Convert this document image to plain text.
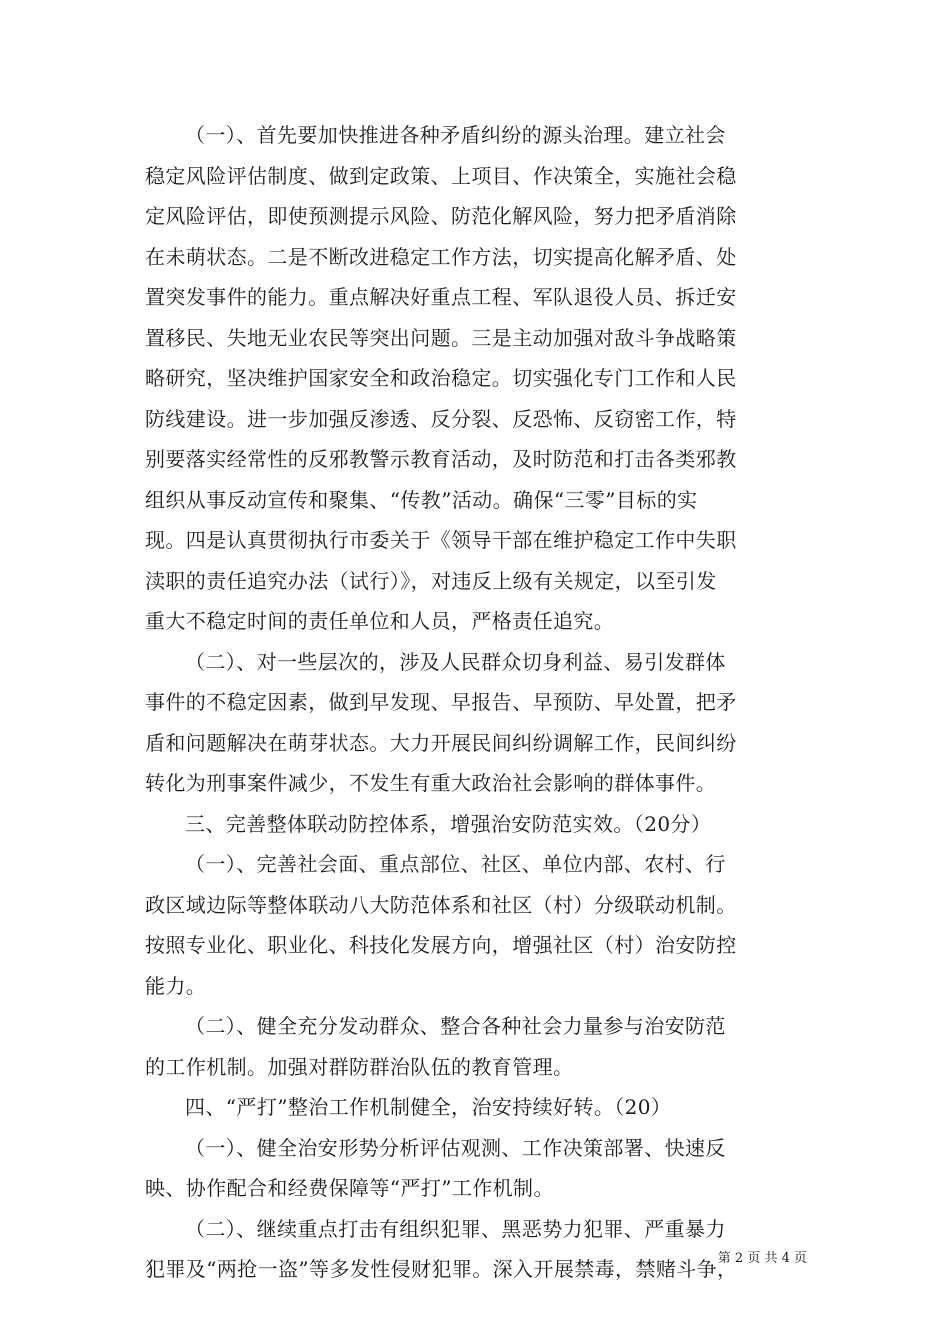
（一）、首先要加快推进各种矛盾纠纷的源头治理。建立社会
稳定风险评估制度、做到定政策、上项目、作决策全，实施社会稳
定风险评估，即使预测提示风险、防范化解风险，努力把矛盾消除
在未萌状态。二是不断改进稳定工作方法，切实提高化解矛盾、处
置突发事件的能力。重点解决好重点工程、军队退役人员、拆迁安
置移民、失地无业农民等突出问题。三是主动加强对敌斗争战略策
略研究，坚决维护国家安全和政治稳定。切实强化专门工作和人民
防线建设。进一步加强反渗透、反分裂、反恐怖、反窃密工作，特
别要落实经常性的反邪教警示教育活动，及时防范和打击各类邪教
组织从事反动宣传和聚集、“传教”活动。确保“三零”目标的实
现。四是认真贯彻执行市委关于《领导干部在维护稳定工作中失职
渎职的责任追究办法（试行）》，对违反上级有关规定，以至引发
重大不稳定时间的责任单位和人员，严格责任追究。

（二）、对一些层次的，涉及人民群众切身利益、易引发群体
事件的不稳定因素，做到早发现、早报告、早预防、早处置，把矛
盾和问题解决在萌芽状态。大力开展民间纠纷调解工作，民间纠纷
转化为刑事案件减少，不发生有重大政治社会影响的群体事件。

三、完善整体联动防控体系，增强治安防范实效。（20分）

（一）、完善社会面、重点部位、社区、单位内部、农村、行
政区域边际等整体联动八大防范体系和社区（村）分级联动机制。
按照专业化、职业化、科技化发展方向，增强社区（村）治安防控
能力。

（二）、健全充分发动群众、整合各种社会力量参与治安防范
的工作机制。加强对群防群治队伍的教育管理。

四、“严打”整治工作机制健全，治安持续好转。（20）

（一）、健全治安形势分析评估观测、工作决策部署、快速反
映、协作配合和经费保障等“严打”工作机制。

（二）、继续重点打击有组织犯罪、黑恶势力犯罪、严重暴力
犯罪及“两抢一盗”等多发性侵财犯罪。深入开展禁毒，禁赌斗争，

第 2 页 共 4 页
